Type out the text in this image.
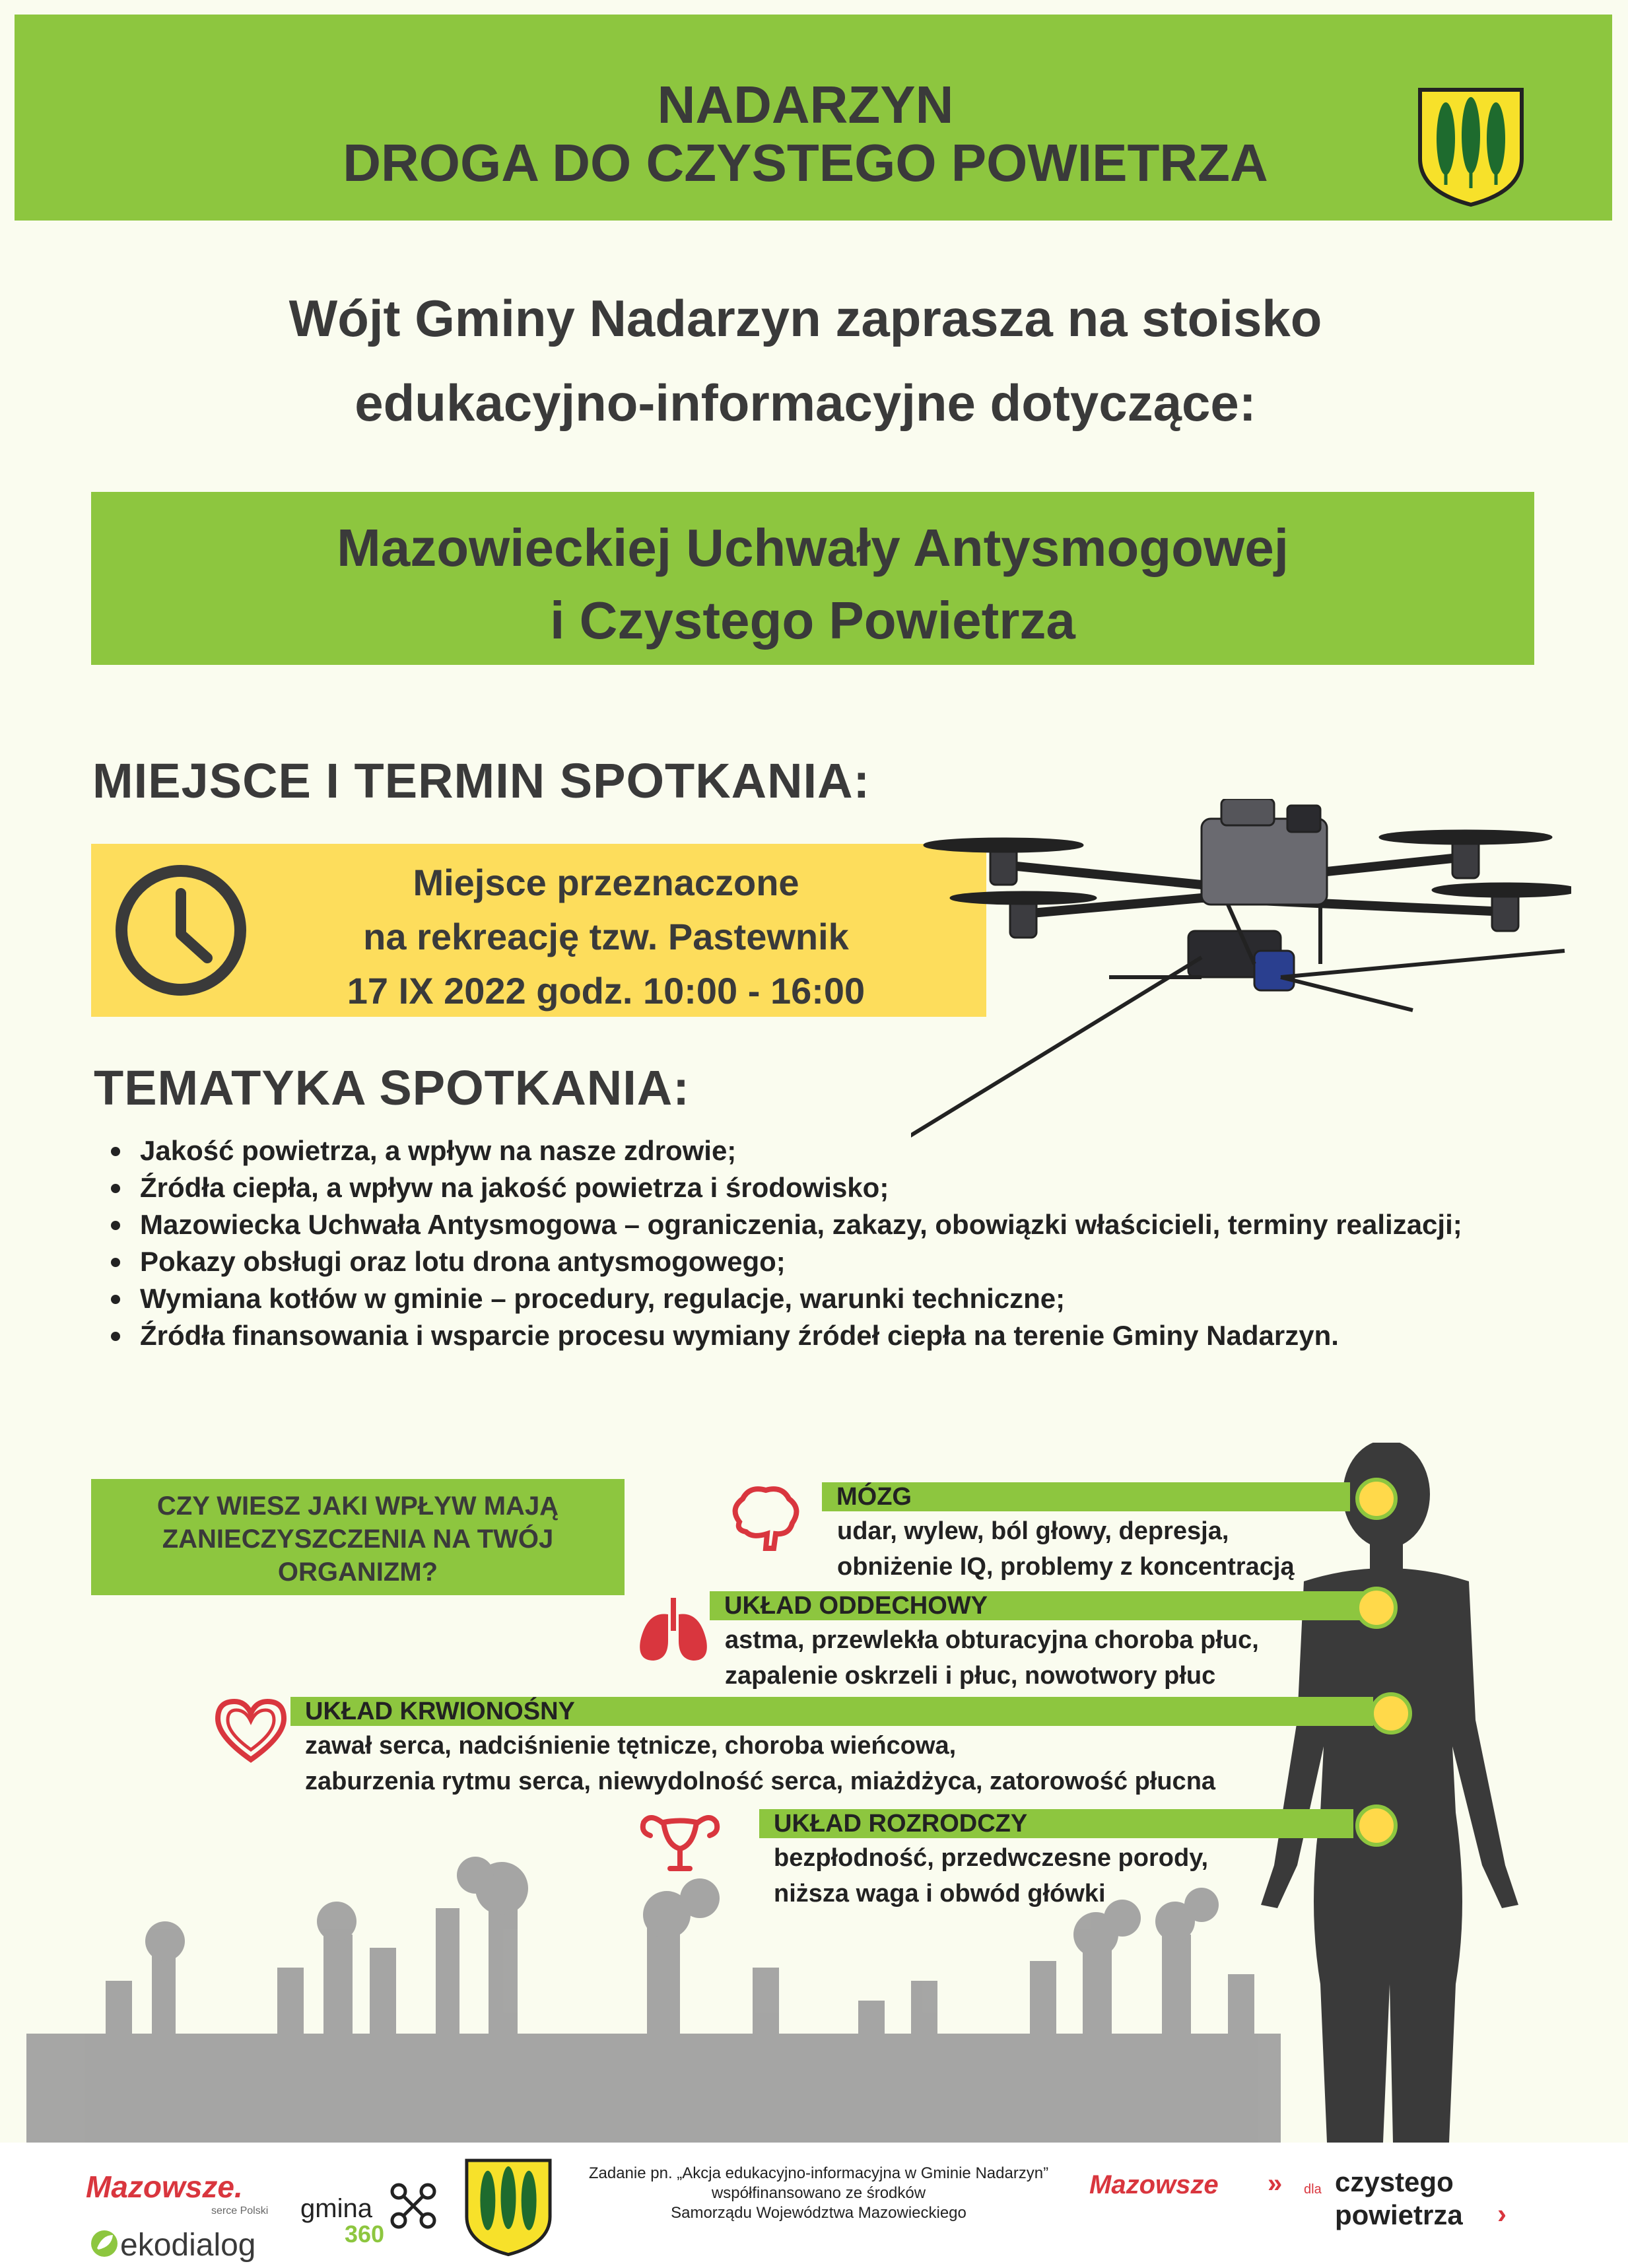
NADARZYN
DROGA DO CZYSTEGO POWIETRZA
Wójt Gminy Nadarzyn zaprasza na stoisko
edukacyjno-informacyjne dotyczące:
Mazowieckiej Uchwały Antysmogowej
i Czystego Powietrza
MIEJSCE I TERMIN SPOTKANIA:
Miejsce przeznaczone
na rekreację tzw. Pastewnik
17 IX 2022 godz. 10:00 - 16:00
TEMATYKA SPOTKANIA:
Jakość powietrza, a wpływ na nasze zdrowie;
Źródła ciepła, a wpływ na jakość powietrza i środowisko;
Mazowiecka Uchwała Antysmogowa – ograniczenia, zakazy, obowiązki właścicieli, terminy realizacji;
Pokazy obsługi oraz lotu drona antysmogowego;
Wymiana kotłów w gminie – procedury, regulacje, warunki techniczne;
Źródła finansowania i wsparcie procesu wymiany źródeł ciepła na terenie Gminy Nadarzyn.
CZY WIESZ JAKI WPŁYW MAJĄ
ZANIECZYSZCZENIA NA TWÓJ
ORGANIZM?
MÓZG
udar, wylew, ból głowy, depresja,
obniżenie IQ, problemy z koncentracją
UKŁAD ODDECHOWY
astma, przewlekła obturacyjna choroba płuc,
zapalenie oskrzeli i płuc, nowotwory płuc
UKŁAD KRWIONOŚNY
zawał serca, nadciśnienie tętnicze, choroba wieńcowa,
zaburzenia rytmu serca, niewydolność serca, miażdżyca, zatorowość płucna
UKŁAD ROZRODCZY
bezpłodność, przedwczesne porody,
niższa waga i obwód główki
Mazowsze.
serce Polski
ekodialog
gmina
360
Zadanie pn. „Akcja edukacyjno-informacyjna w Gminie Nadarzyn”
współfinansowano ze środków
Samorządu Województwa Mazowieckiego
Mazowsze » dla czystego
powietrza ›
